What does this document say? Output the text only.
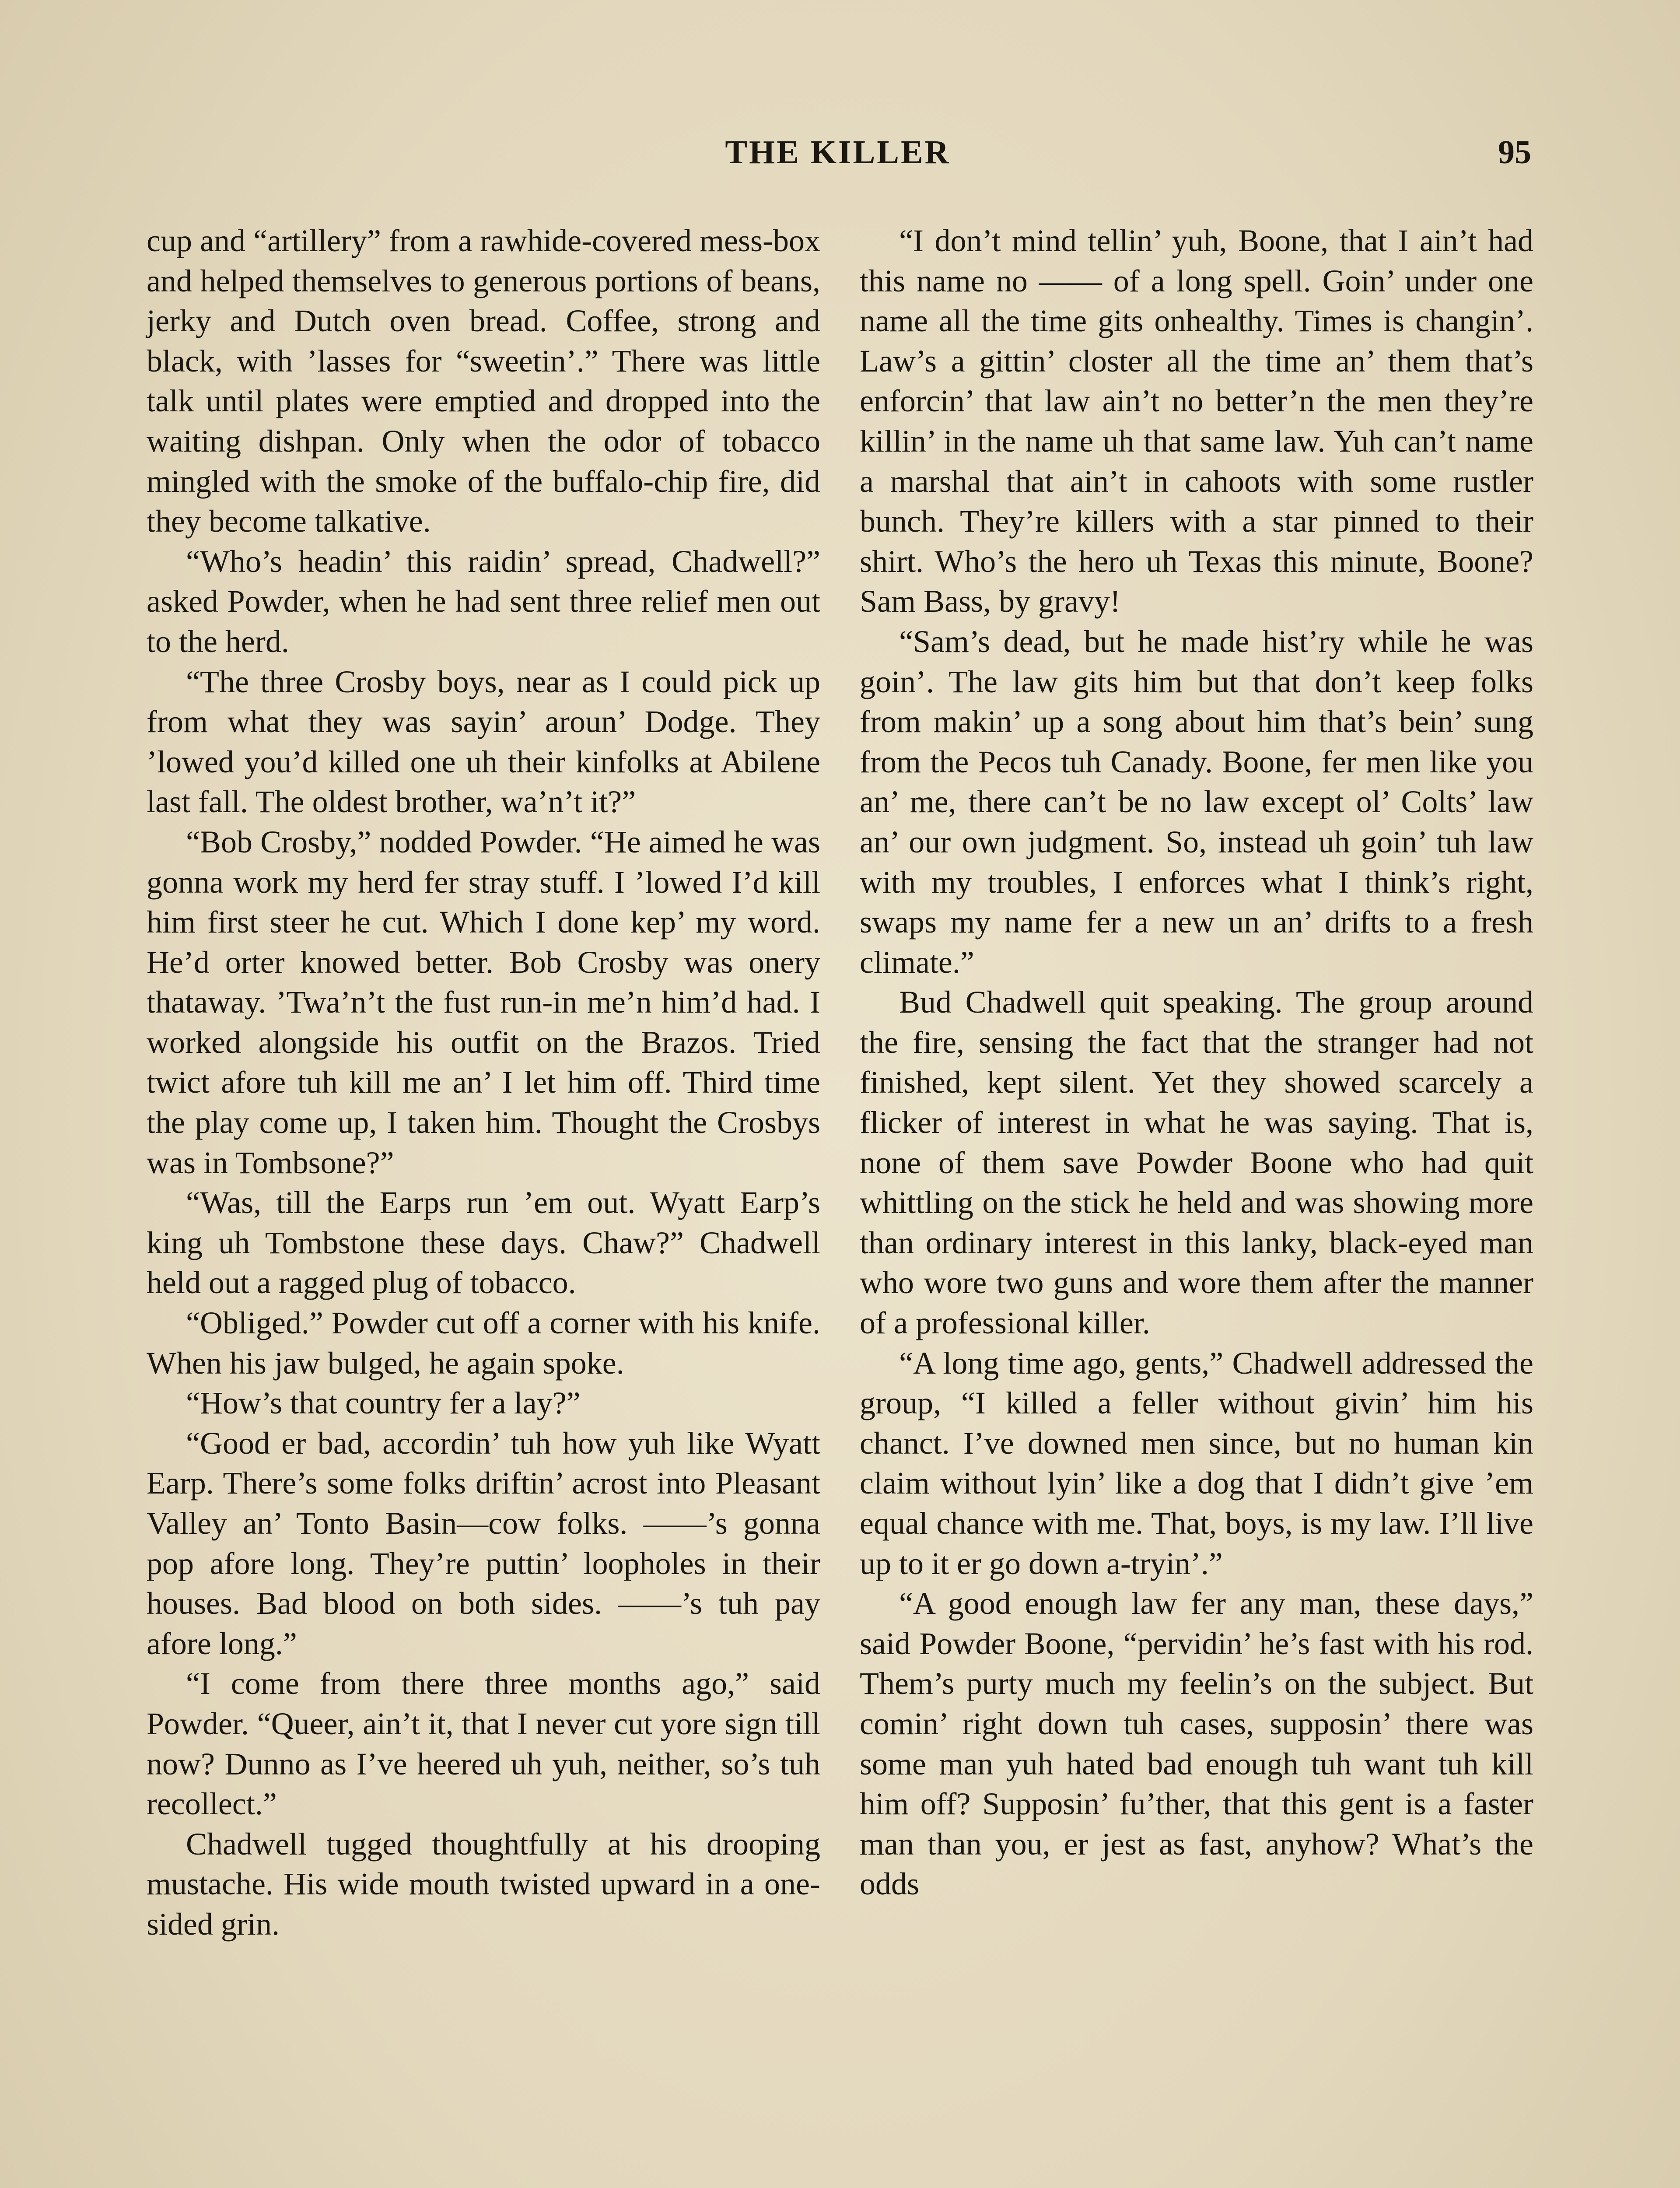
THE KILLER	95

cup and “artillery” from a rawhide-covered mess-box and helped themselves to generous portions of beans, jerky and Dutch oven bread. Coffee, strong and black, with ’lasses for “sweetin’.” There was little talk until plates were emptied and dropped into the waiting dishpan. Only when the odor of tobacco mingled with the smoke of the buffalo-chip fire, did they become talkative.

“Who’s headin’ this raidin’ spread, Chadwell?” asked Powder, when he had sent three relief men out to the herd.

“The three Crosby boys, near as I could pick up from what they was sayin’ aroun’ Dodge. They ’lowed you’d killed one uh their kinfolks at Abilene last fall. The oldest brother, wa’n’t it?”

“Bob Crosby,” nodded Powder. “He aimed he was gonna work my herd fer stray stuff. I ’lowed I’d kill him first steer he cut. Which I done kep’ my word. He’d orter knowed better. Bob Crosby was onery thataway. ’Twa’n’t the fust run-in me’n him’d had. I worked alongside his outfit on the Brazos. Tried twict afore tuh kill me an’ I let him off. Third time the play come up, I taken him. Thought the Crosbys was in Tombsone?”

“Was, till the Earps run ’em out. Wyatt Earp’s king uh Tombstone these days. Chaw?” Chadwell held out a ragged plug of tobacco.

“Obliged.” Powder cut off a corner with his knife. When his jaw bulged, he again spoke.

“How’s that country fer a lay?”

“Good er bad, accordin’ tuh how yuh like Wyatt Earp. There’s some folks driftin’ acrost into Pleasant Valley an’ Tonto Basin—cow folks. ——’s gonna pop afore long. They’re puttin’ loopholes in their houses. Bad blood on both sides. ——’s tuh pay afore long.”

“I come from there three months ago,” said Powder. “Queer, ain’t it, that I never cut yore sign till now? Dunno as I’ve heered uh yuh, neither, so’s tuh recollect.”

Chadwell tugged thoughtfully at his drooping mustache. His wide mouth twisted upward in a one-sided grin.

“I don’t mind tellin’ yuh, Boone, that I ain’t had this name no —— of a long spell. Goin’ under one name all the time gits onhealthy. Times is changin’. Law’s a gittin’ closter all the time an’ them that’s enforcin’ that law ain’t no better’n the men they’re killin’ in the name uh that same law. Yuh can’t name a marshal that ain’t in cahoots with some rustler bunch. They’re killers with a star pinned to their shirt. Who’s the hero uh Texas this minute, Boone? Sam Bass, by gravy!

“Sam’s dead, but he made hist’ry while he was goin’. The law gits him but that don’t keep folks from makin’ up a song about him that’s bein’ sung from the Pecos tuh Canady. Boone, fer men like you an’ me, there can’t be no law except ol’ Colts’ law an’ our own judgment. So, instead uh goin’ tuh law with my troubles, I enforces what I think’s right, swaps my name fer a new un an’ drifts to a fresh climate.”

Bud Chadwell quit speaking. The group around the fire, sensing the fact that the stranger had not finished, kept silent. Yet they showed scarcely a flicker of interest in what he was saying. That is, none of them save Powder Boone who had quit whittling on the stick he held and was showing more than ordinary interest in this lanky, black-eyed man who wore two guns and wore them after the manner of a professional killer.

“A long time ago, gents,” Chadwell addressed the group, “I killed a feller without givin’ him his chanct. I’ve downed men since, but no human kin claim without lyin’ like a dog that I didn’t give ’em equal chance with me. That, boys, is my law. I’ll live up to it er go down a-tryin’.”

“A good enough law fer any man, these days,” said Powder Boone, “pervidin’ he’s fast with his rod. Them’s purty much my feelin’s on the subject. But comin’ right down tuh cases, supposin’ there was some man yuh hated bad enough tuh want tuh kill him off? Supposin’ fu’ther, that this gent is a faster man than you, er jest as fast, anyhow? What’s the odds
